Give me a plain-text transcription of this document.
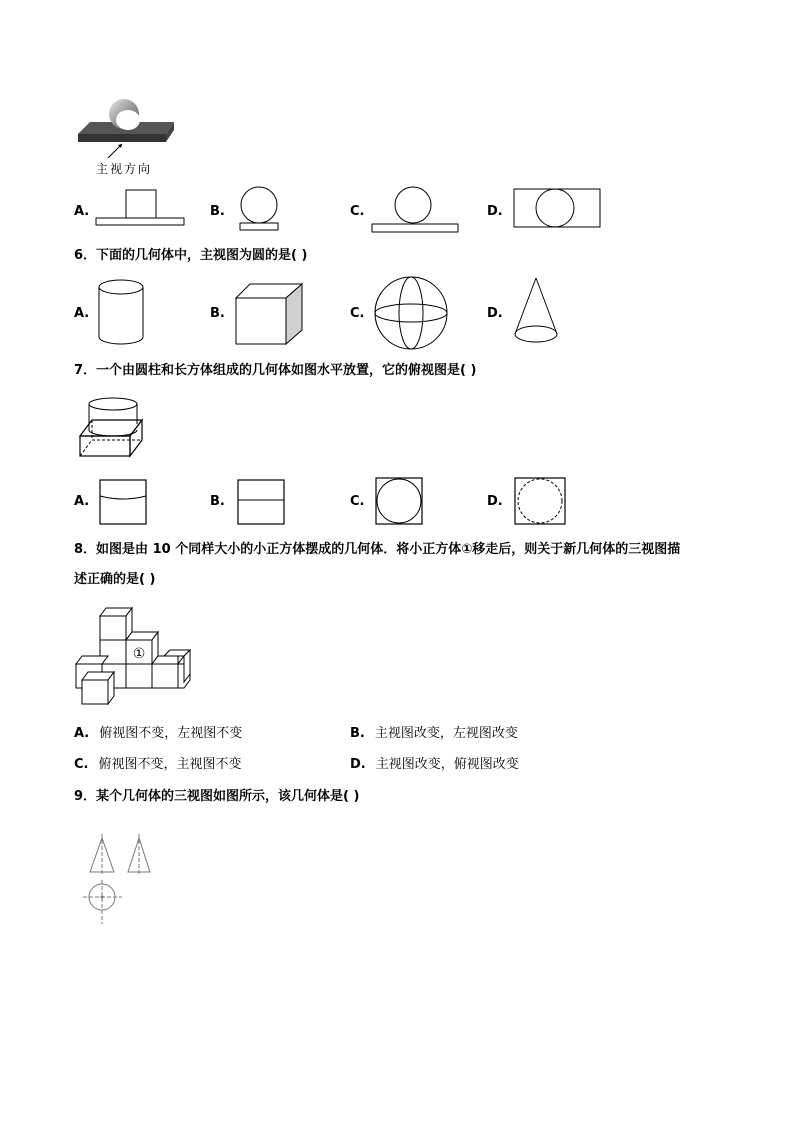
主视方向
A.	B.	C.	D.
6．下面的几何体中，主视图为圆的是( )
A.	B.	C.	D.
7．一个由圆柱和长方体组成的几何体如图水平放置，它的俯视图是( )
A.	B.	C.	D.
8．如图是由 10 个同样大小的小正方体摆成的几何体．将小正方体①移走后，则关于新几何体的三视图描
述正确的是( )
①
A. 俯视图不变，左视图不变	B. 主视图改变，左视图改变
C. 俯视图不变，主视图不变	D. 主视图改变，俯视图改变
9．某个几何体的三视图如图所示，该几何体是( )
